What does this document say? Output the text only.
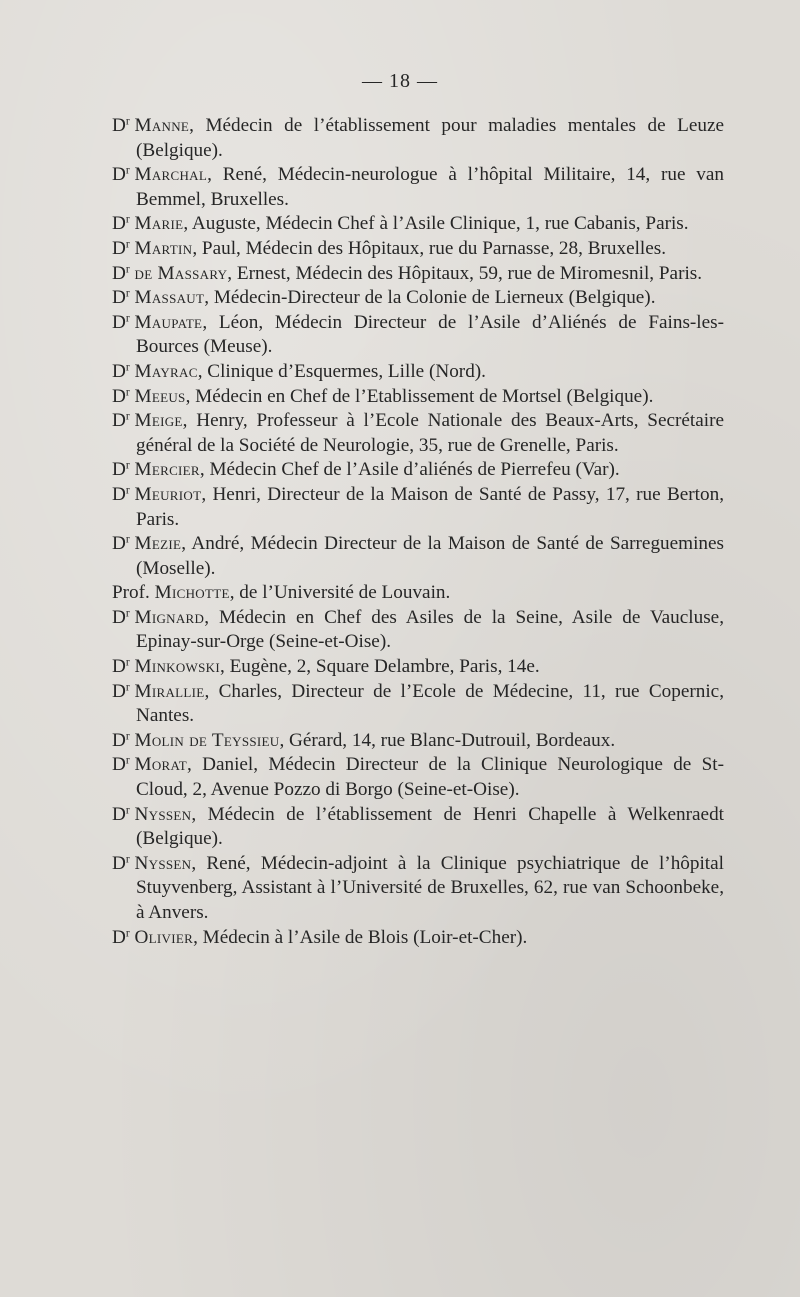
— 18 —

$D^r$ Manne, Médecin de l’établissement pour maladies mentales de Leuze (Belgique).

$D^r$ Marchal, René, Médecin-neurologue à l’hôpital Militaire, 14, rue van Bemmel, Bruxelles.

$D^r$ Marie, Auguste, Médecin Chef à l’Asile Clinique, 1, rue Cabanis, Paris.

$D^r$ Martin, Paul, Médecin des Hôpitaux, rue du Parnasse, 28, Bruxelles.

$D^r$ de Massary, Ernest, Médecin des Hôpitaux, 59, rue de Miromesnil, Paris.

$D^r$ Massaut, Médecin-Directeur de la Colonie de Lierneux (Belgique).

$D^r$ Maupate, Léon, Médecin Directeur de l’Asile d’Aliénés de Fains-les-Bources (Meuse).

$D^r$ Mayrac, Clinique d’Esquermes, Lille (Nord).

$D^r$ Meeus, Médecin en Chef de l’Etablissement de Mortsel (Belgique).

$D^r$ Meige, Henry, Professeur à l’Ecole Nationale des Beaux-Arts, Secrétaire général de la Société de Neurologie, 35, rue de Grenelle, Paris.

$D^r$ Mercier, Médecin Chef de l’Asile d’aliénés de Pierrefeu (Var).

$D^r$ Meuriot, Henri, Directeur de la Maison de Santé de Passy, 17, rue Berton, Paris.

$D^r$ Mezie, André, Médecin Directeur de la Maison de Santé de Sarreguemines (Moselle).

Prof. Michotte, de l’Université de Louvain.

$D^r$ Mignard, Médecin en Chef des Asiles de la Seine, Asile de Vaucluse, Epinay-sur-Orge (Seine-et-Oise).

$D^r$ Minkowski, Eugène, 2, Square Delambre, Paris, 14e.

$D^r$ Mirallie, Charles, Directeur de l’Ecole de Médecine, 11, rue Copernic, Nantes.

$D^r$ Molin de Teyssieu, Gérard, 14, rue Blanc-Dutrouil, Bordeaux.

$D^r$ Morat, Daniel, Médecin Directeur de la Clinique Neurologique de St-Cloud, 2, Avenue Pozzo di Borgo (Seine-et-Oise).

$D^r$ Nyssen, Médecin de l’établissement de Henri Chapelle à Welkenraedt (Belgique).

$D^r$ Nyssen, René, Médecin-adjoint à la Clinique psychiatrique de l’hôpital Stuyvenberg, Assistant à l’Université de Bruxelles, 62, rue van Schoonbeke, à Anvers.

$D^r$ Olivier, Médecin à l’Asile de Blois (Loir-et-Cher).
